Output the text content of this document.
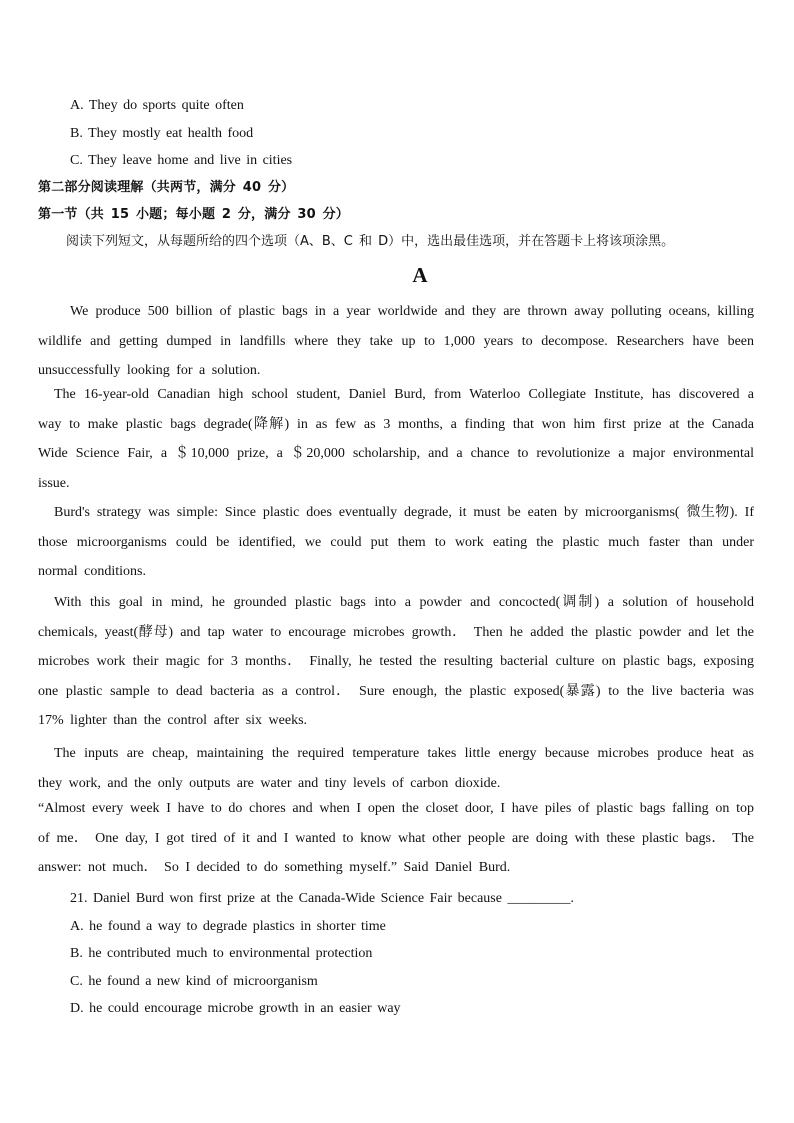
A. They do sports quite often
B. They mostly eat health food
C. They leave home and live in cities
第二部分阅读理解（共两节，满分 40 分）
第一节（共 15 小题；每小题 2 分，满分 30 分）
阅读下列短文，从每题所给的四个选项（A、B、C 和 D）中，选出最佳选项，并在答题卡上将该项涂黑。
A
We produce 500 billion of plastic bags in a year worldwide and they are thrown away polluting oceans, killing wildlife and getting dumped in landfills where they take up to 1,000 years to decompose. Researchers have been unsuccessfully looking for a solution.
The 16-year-old Canadian high school student, Daniel Burd, from Waterloo Collegiate Institute, has discovered a way to make plastic bags degrade(降解) in as few as 3 months, a finding that won him first prize at the Canada Wide Science Fair, a ＄10,000 prize, a ＄20,000 scholarship, and a chance to revolutionize a major environmental issue.
Burd's strategy was simple: Since plastic does eventually degrade, it must be eaten by microorganisms( 微生物). If those microorganisms could be identified, we could put them to work eating the plastic much faster than under normal conditions.
With this goal in mind, he grounded plastic bags into a powder and concocted(调制) a solution of household chemicals, yeast(酵母) and tap water to encourage microbes growth． Then he added the plastic powder and let the microbes work their magic for 3 months． Finally, he tested the resulting bacterial culture on plastic bags, exposing one plastic sample to dead bacteria as a control． Sure enough, the plastic exposed(暴露) to the live bacteria was 17% lighter than the control after six weeks.
The inputs are cheap, maintaining the required temperature takes little energy because microbes produce heat as they work, and the only outputs are water and tiny levels of carbon dioxide.
“Almost every week I have to do chores and when I open the closet door, I have piles of plastic bags falling on top of me． One day, I got tired of it and I wanted to know what other people are doing with these plastic bags． The answer: not much． So I decided to do something myself.” Said Daniel Burd.
21. Daniel Burd won first prize at the Canada-Wide Science Fair because _________.
A. he found a way to degrade plastics in shorter time
B. he contributed much to environmental protection
C. he found a new kind of microorganism
D. he could encourage microbe growth in an easier way
